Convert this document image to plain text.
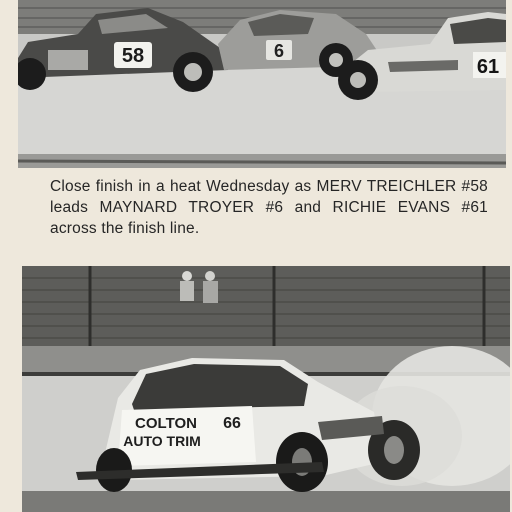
58	6
61
Close finish in a heat Wednesday as MERV TREICHLER #58 leads MAYNARD TROYER #6 and RICHIE EVANS #61 across the finish line.
COLTON
AUTO TRIM
66
